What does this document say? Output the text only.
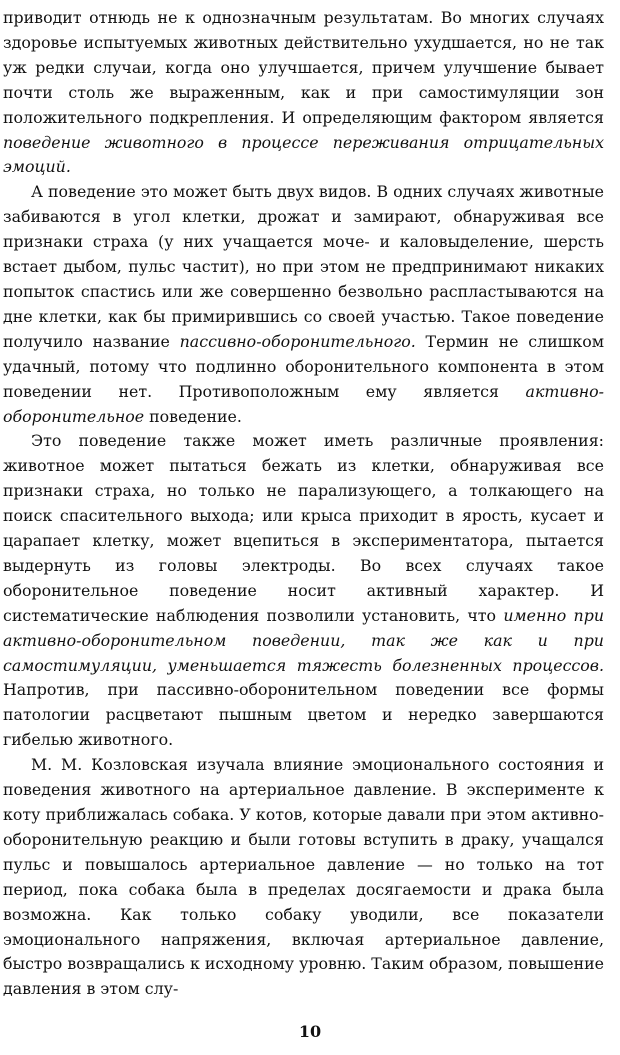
приводит отнюдь не к однозначным результатам. Во многих случаях здоровье испытуемых животных действительно ухудшается, но не так уж редки случаи, когда оно улучшается, причем улучшение бывает почти столь же выраженным, как и при самостимуляции зон положительного подкрепления. И определяющим фактором является поведение животного в процессе переживания отрицательных эмоций.

А поведение это может быть двух видов. В одних случаях животные забиваются в угол клетки, дрожат и замирают, обнаруживая все признаки страха (у них учащается моче- и каловыделение, шерсть встает дыбом, пульс частит), но при этом не предпринимают никаких попыток спастись или же совершенно безвольно распластываются на дне клетки, как бы примирившись со своей участью. Такое поведение получило название пассивно-оборонительного. Термин не слишком удачный, потому что подлинно оборонительного компонента в этом поведении нет. Противоположным ему является активно-оборонительное поведение.

Это поведение также может иметь различные проявления: животное может пытаться бежать из клетки, обнаруживая все признаки страха, но только не парализующего, а толкающего на поиск спасительного выхода; или крыса приходит в ярость, кусает и царапает клетку, может вцепиться в экспериментатора, пытается выдернуть из головы электроды. Во всех случаях такое оборонительное поведение носит активный характер. И систематические наблюдения позволили установить, что именно при активно-оборонительном поведении, так же как и при самостимуляции, уменьшается тяжесть болезненных процессов. Напротив, при пассивно-оборонительном поведении все формы патологии расцветают пышным цветом и нередко завершаются гибелью животного.

М. М. Козловская изучала влияние эмоционального состояния и поведения животного на артериальное давление. В эксперименте к коту приближалась собака. У котов, которые давали при этом активно-оборонительную реакцию и были готовы вступить в драку, учащался пульс и повышалось артериальное давление — но только на тот период, пока собака была в пределах досягаемости и драка была возможна. Как только собаку уводили, все показатели эмоционального напряжения, включая артериальное давление, быстро возвращались к исходному уровню. Таким образом, повышение давления в этом слу-

10
